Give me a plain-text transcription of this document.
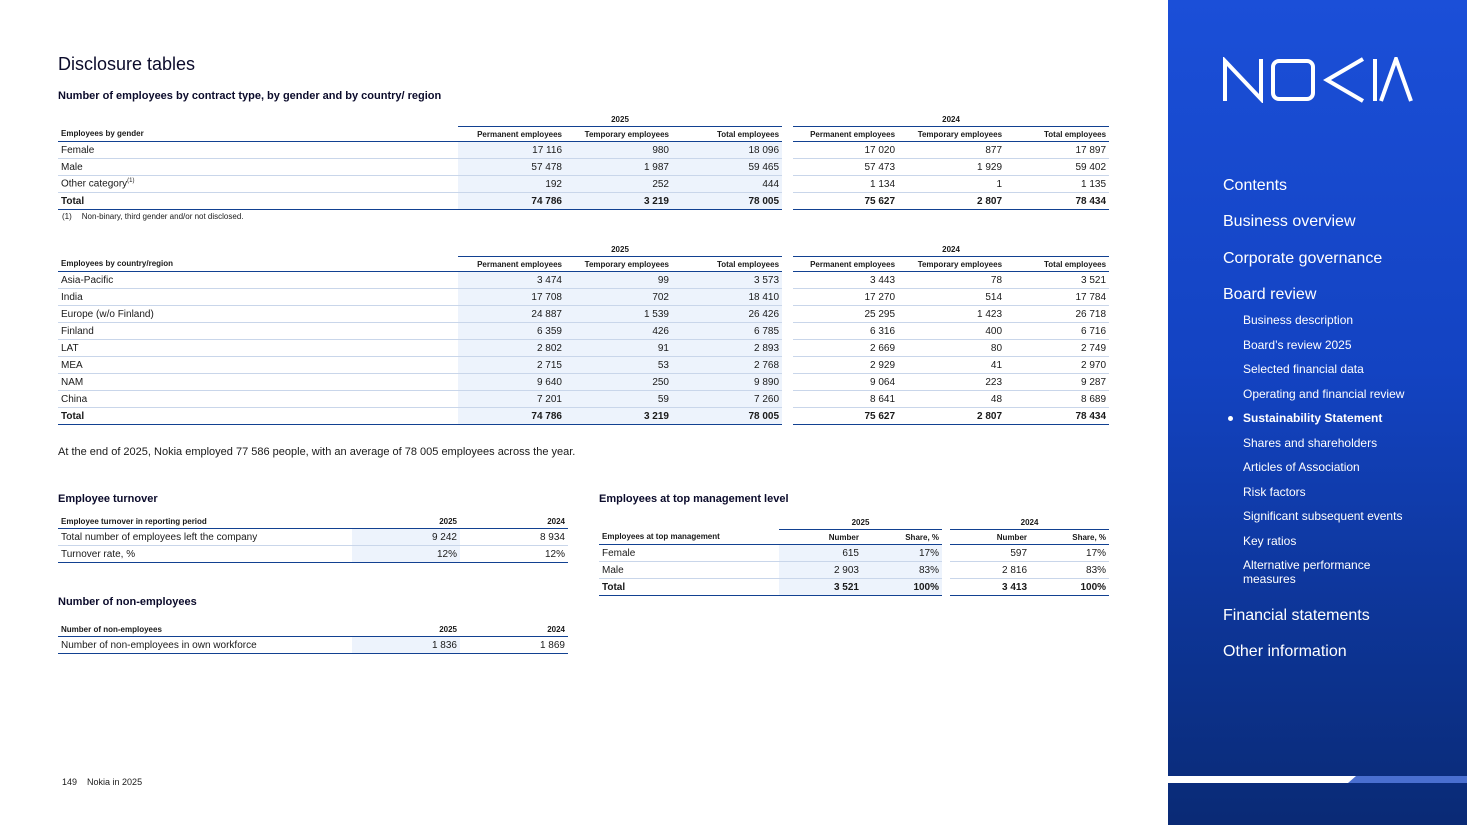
Disclosure tables

Number of employees by contract type, by gender and by country/ region

	2025				2024		
Employees by gender	Permanent employees	Temporary employees	Total employees		Permanent employees	Temporary employees	Total employees
Female	17 116	980	18 096		17 020	877	17 897
Male	57 478	1 987	59 465		57 473	1 929	59 402
Other category$^{(1)}$	192	252	444		1 134	1	1 135
Total	74 786	3 219	78 005		75 627	2 807	78 434
(1) Non-binary, third gender and/or not disclosed.
	2025				2024		
Employees by country/region	Permanent employees	Temporary employees	Total employees		Permanent employees	Temporary employees	Total employees
Asia-Pacific	3 474	99	3 573		3 443	78	3 521
India	17 708	702	18 410		17 270	514	17 784
Europe (w/o Finland)	24 887	1 539	26 426		25 295	1 423	26 718
Finland	6 359	426	6 785		6 316	400	6 716
LAT	2 802	91	2 893		2 669	80	2 749
MEA	2 715	53	2 768		2 929	41	2 970
NAM	9 640	250	9 890		9 064	223	9 287
China	7 201	59	7 260		8 641	48	8 689
Total	74 786	3 219	78 005		75 627	2 807	78 434

At the end of 2025, Nokia employed 77 586 people, with an average of 78 005 employees across the year.

Employee turnover

Employee turnover in reporting period	2025	2024
Total number of employees left the company	9 242	8 934
Turnover rate, %	12%	12%

Number of non-employees

Number of non-employees	2025	2024
Number of non-employees in own workforce	1 836	1 869

Employees at top management level

	2025			2024	
Employees at top management	Number	Share, %		Number	Share, %
Female	615	17%		597	17%
Male	2 903	83%		2 816	83%
Total	3 521	100%		3 413	100%
149 Nokia in 2025
Contents
Business overview
Corporate governance
Board review
Business description
Board’s review 2025
Selected financial data
Operating and financial review
Sustainability Statement
Shares and shareholders
Articles of Association
Risk factors
Significant subsequent events
Key ratios
Alternative performance
measures
Financial statements
Other information
